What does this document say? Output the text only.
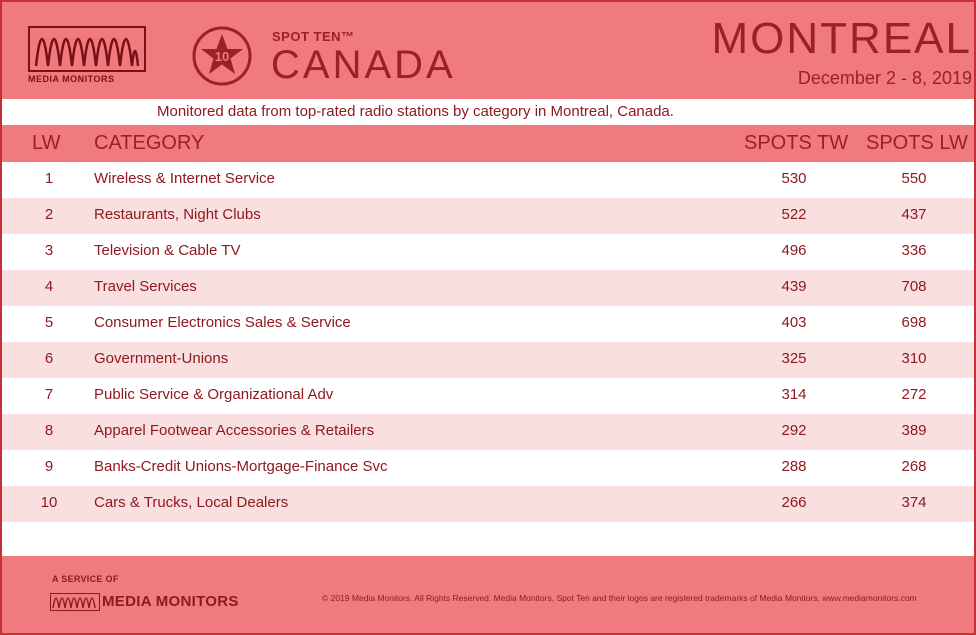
MEDIA MONITORS
10
SPOT TEN™
CANADA
MONTREAL
December 2 - 8, 2019
Monitored data from top-rated radio stations by category in Montreal, Canada.
LW CATEGORY	SPOTS TW SPOTS LW
1	Wireless & Internet Service	530	550
2	Restaurants, Night Clubs	522	437
3	Television & Cable TV	496	336
4	Travel Services	439	708
5	Consumer Electronics Sales & Service	403	698
6	Government-Unions	325	310
7	Public Service & Organizational Adv	314	272
8	Apparel Footwear Accessories & Retailers	292	389
9	Banks-Credit Unions-Mortgage-Finance Svc	288	268
10	Cars & Trucks, Local Dealers	266	374
A SERVICE OF
MEDIA MONITORS	© 2019 Media Monitors. All Rights Reserved. Media Monitors, Spot Ten and their logos are registered trademarks of Media Monitors. www.mediamonitors.com
